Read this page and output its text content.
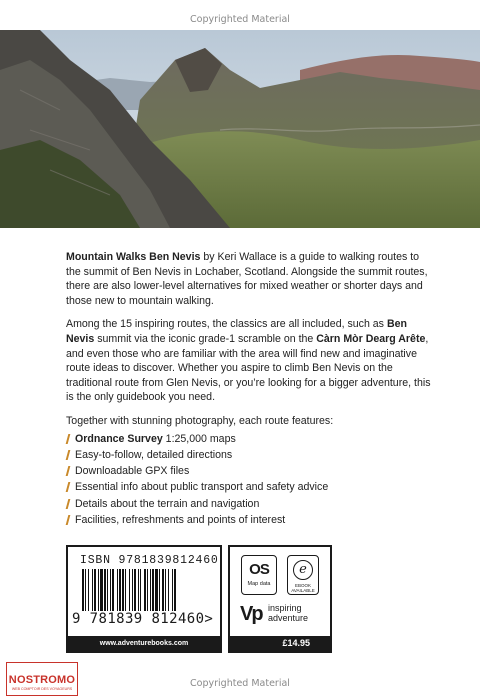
Copyrighted Material

Mountain Walks Ben Nevis by Keri Wallace is a guide to walking routes to the summit of Ben Nevis in Lochaber, Scotland. Alongside the summit routes, there are also lower-level alternatives for mixed weather or shorter days and those new to mountain walking.

Among the 15 inspiring routes, the classics are all included, such as Ben Nevis summit via the iconic grade-1 scramble on the Càrn Mòr Dearg Arête, and even those who are familiar with the area will find new and imaginative route ideas to discover. Whether you aspire to climb Ben Nevis on the traditional route from Glen Nevis, or you’re looking for a bigger adventure, this is the only guidebook you need.

Together with stunning photography, each route features:

Ordnance Survey 1:25,000 maps
Easy-to-follow, detailed directions
Downloadable GPX files
Essential info about public transport and safety advice
Details about the terrain and navigation
Facilities, refreshments and points of interest
ISBN 9781839812460
9 781839 812460>
www.adventurebooks.com
OS
Map data
e
EBOOK AVAILABLE
Vp inspiring
adventure
£14.95
Copyrighted Material
NOSTROMO
WEB COMPTOIR DES VOYAGEURS
